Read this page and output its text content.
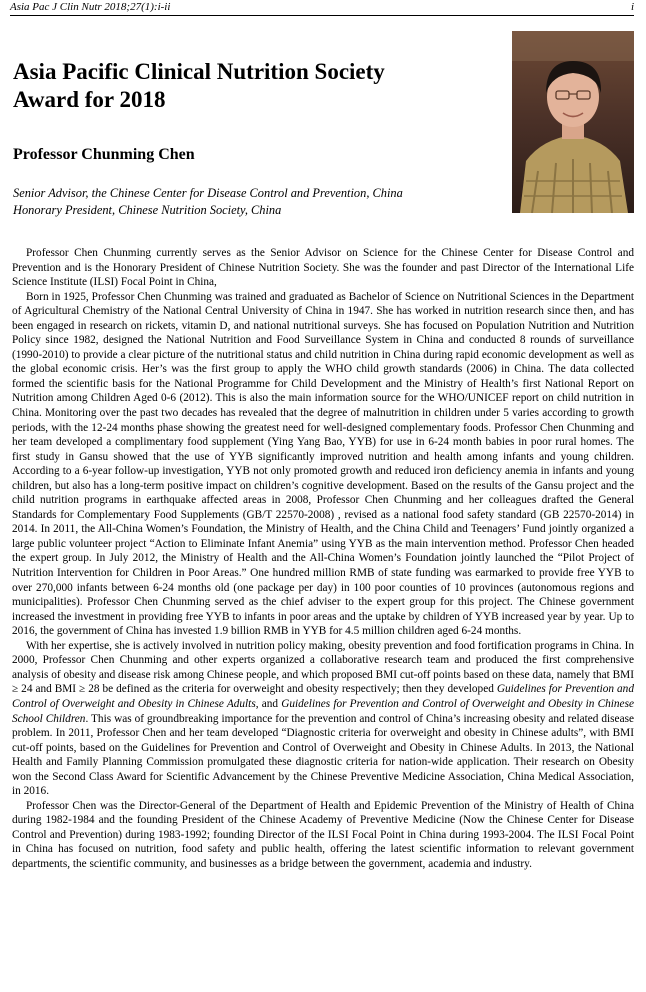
Asia Pac J Clin Nutr 2018;27(1):i-ii	i
Asia Pacific Clinical Nutrition Society
Award for 2018
Professor Chunming Chen
Senior Advisor, the Chinese Center for Disease Control and Prevention, China
Honorary President, Chinese Nutrition Society, China

Professor Chen Chunming currently serves as the Senior Advisor on Science for the Chinese Center for Disease Control and Prevention and is the Honorary President of Chinese Nutrition Society. She was the founder and past Director of the International Life Science Institute (ILSI) Focal Point in China,

Born in 1925, Professor Chen Chunming was trained and graduated as Bachelor of Science on Nutritional Sciences in the Department of Agricultural Chemistry of the National Central University of China in 1947. She has worked in nutrition research since then, and has been engaged in research on rickets, vitamin D, and national nutritional surveys. She has focused on Population Nutrition and Nutrition Policy since 1982, designed the National Nutrition and Food Surveillance System in China and conducted 8 rounds of surveillance (1990-2010) to provide a clear picture of the nutritional status and child nutrition in China during rapid economic development as well as the global economic crisis. Her’s was the first group to apply the WHO child growth standards (2006) in China. The data collected formed the scientific basis for the National Programme for Child Development and the Ministry of Health’s first National Report on Nutrition among Children Aged 0-6 (2012). This is also the main information source for the WHO/UNICEF report on child nutrition in China. Monitoring over the past two decades has revealed that the degree of malnutrition in children under 5 varies according to growth periods, with the 12-24 months phase showing the greatest need for well-designed complementary foods. Professor Chen Chunming and her team developed a complimentary food supplement (Ying Yang Bao, YYB) for use in 6-24 month babies in poor rural homes. The first study in Gansu showed that the use of YYB significantly improved nutrition and health among infants and young children. According to a 6-year follow-up investigation, YYB not only promoted growth and reduced iron deficiency anemia in infants and young children, but also has a long-term positive impact on children’s cognitive development. Based on the results of the Gansu project and the child nutrition programs in earthquake affected areas in 2008, Professor Chen Chunming and her colleagues drafted the General Standards for Complementary Food Supplements (GB/T 22570-2008) , revised as a national food safety standard (GB 22570-2014) in 2014. In 2011, the All-China Women’s Foundation, the Ministry of Health, and the China Child and Teenagers’ Fund jointly organized a large public volunteer project “Action to Eliminate Infant Anemia” using YYB as the main intervention method. Professor Chen headed the expert group. In July 2012, the Ministry of Health and the All-China Women’s Foundation jointly launched the “Pilot Project of Nutrition Intervention for Children in Poor Areas.” One hundred million RMB of state funding was earmarked to provide free YYB to over 270,000 infants between 6-24 months old (one package per day) in 100 poor counties of 10 provinces (autonomous regions and municipalities). Professor Chen Chunming served as the chief adviser to the expert group for this project. The Chinese government increased the investment in providing free YYB to infants in poor areas and the uptake by children of YYB increased year by year. Up to 2016, the government of China has invested 1.9 billion RMB in YYB for 4.5 million children aged 6-24 months.

With her expertise, she is actively involved in nutrition policy making, obesity prevention and food fortification programs in China. In 2000, Professor Chen Chunming and other experts organized a collaborative research team and produced the first comprehensive analysis of obesity and disease risk among Chinese people, and which proposed BMI cut-off points based on these data, namely that BMI ≥ 24 and BMI ≥ 28 be defined as the criteria for overweight and obesity respectively; then they developed Guidelines for Prevention and Control of Overweight and Obesity in Chinese Adults, and Guidelines for Prevention and Control of Overweight and Obesity in Chinese School Children. This was of groundbreaking importance for the prevention and control of China’s increasing obesity and related disease problem. In 2011, Professor Chen and her team developed “Diagnostic criteria for overweight and obesity in Chinese adults”, with BMI cut-off points, based on the Guidelines for Prevention and Control of Overweight and Obesity in Chinese Adults. In 2013, the National Health and Family Planning Commission promulgated these diagnostic criteria for nation-wide application. Their research on Obesity won the Second Class Award for Scientific Advancement by the Chinese Preventive Medicine Association, China Medical Association, in 2016.

Professor Chen was the Director-General of the Department of Health and Epidemic Prevention of the Ministry of Health of China during 1982-1984 and the founding President of the Chinese Academy of Preventive Medicine (Now the Chinese Center for Disease Control and Prevention) during 1983-1992; founding Director of the ILSI Focal Point in China during 1993-2004. The ILSI Focal Point in China has focused on nutrition, food safety and public health, offering the latest scientific information to relevant government departments, the scientific community, and businesses as a bridge between the government, academia and industry.
